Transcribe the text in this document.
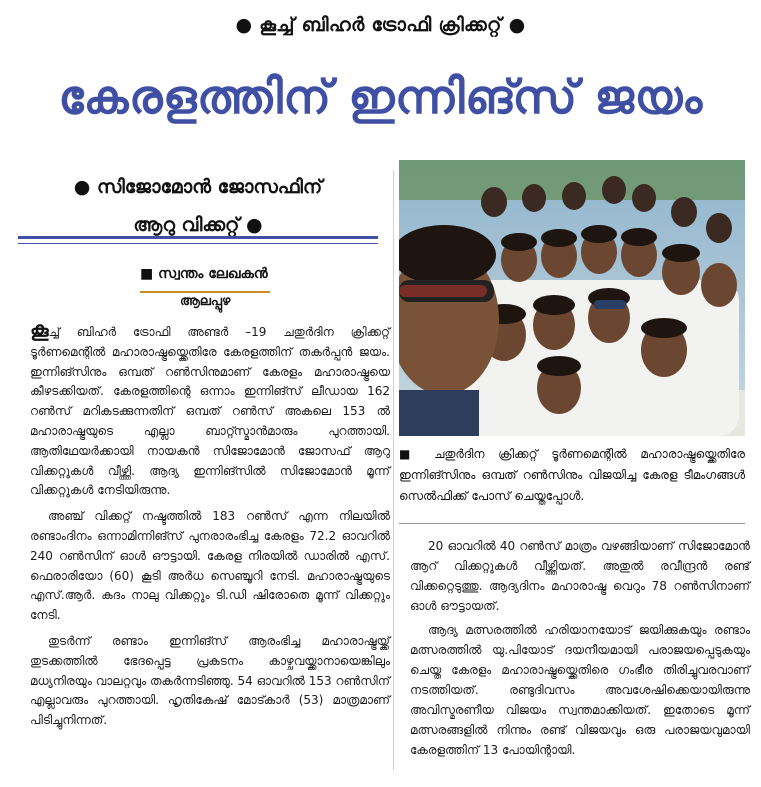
● കൂച്ച് ബിഹർ ട്രോഫി ക്രിക്കറ്റ് ●
കേരളത്തിന് ഇന്നിങ്സ് ജയം
● സിജോമോൻ ജോസഫിന്
ആറു വിക്കറ്റ് ●
■ സ്വന്തം ലേഖകൻ
ആലപ്പുഴ

കൂച്ച് ബിഹർ ട്രോഫി അണ്ടർ –19 ചതുർദിന ക്രിക്കറ്റ് ടൂർണമെന്റിൽ മഹാരാഷ്ട്രയ്ക്കെതിരേ കേരളത്തിന് തകർപ്പൻ ജയം. ഇന്നിങ്സിനും ഒമ്പത് റൺസിനുമാണ് കേരളം മഹാരാഷ്ട്രയെ കീഴടക്കിയത്. കേരളത്തിന്റെ ഒന്നാം ഇന്നിങ്സ് ലീഡായ 162 റൺസ് മറികടക്കുന്നതിന് ഒമ്പത് റൺസ് അകലെ 153 ൽ മഹാരാഷ്ട്രയുടെ എല്ലാ ബാറ്റ്സ്മാൻമാരും പുറത്തായി. ആതിഥേയർക്കായി നായകൻ സിജോമോൻ ജോസഫ് ആറു വിക്കറ്റുകൾ വീഴ്ത്തി. ആദ്യ ഇന്നിങ്സിൽ സിജോമോൻ മൂന്ന് വിക്കറ്റുകൾ നേടിയിരുന്നു.

അഞ്ച് വിക്കറ്റ് നഷ്ടത്തിൽ 183 റൺസ് എന്ന നിലയിൽ രണ്ടാംദിനം ഒന്നാമിന്നിങ്സ് പുനരാരംഭിച്ച കേരളം 72.2 ഓവറിൽ 240 റൺസിന് ഓൾ ഔട്ടായി. കേരള നിരയിൽ ഡാരിൽ എസ്. ഫെരാരിയോ (60) കൂടി അർധ സെഞ്ചൂറി നേടി. മഹാരാഷ്ട്രയുടെ എസ്.ആർ. കദം നാലു വിക്കറ്റും ടി.ഡി ഷിരോതെ മൂന്ന് വിക്കറ്റും നേടി.

തുടർന്ന് രണ്ടാം ഇന്നിങ്സ് ആരംഭിച്ച മഹാരാഷ്ട്രയ്ക്ക് തുടക്കത്തിൽ ഭേദപ്പെട്ട പ്രകടനം കാഴ്ചവയ്ക്കാനായെങ്കിലും മധ്യനിരയും വാലറ്റവും തകർന്നടിഞ്ഞു. 54 ഓവറിൽ 153 റൺസിന് എല്ലാവരും പുറത്തായി. ഹൃതികേഷ് മോട്കാർ (53) മാത്രമാണ് പിടിച്ചുനിന്നത്.

■ ചതുർദിന ക്രിക്കറ്റ് ടൂർണമെന്റിൽ മഹാരാഷ്ട്രയ്ക്കെതിരേ ഇന്നിങ്സിനും ഒമ്പത് റൺസിനും വിജയിച്ച കേരള ടീമംഗങ്ങൾ സെൽഫിക്ക് പോസ് ചെയ്തപ്പോൾ.

20 ഓവറിൽ 40 റൺസ് മാത്രം വഴങ്ങിയാണ് സിജോമോൻ ആറ് വിക്കറ്റുകൾ വീഴ്ത്തിയത്. അതുൽ രവീന്ദ്രൻ രണ്ട് വിക്കറ്റെടുത്തു. ആദ്യദിനം മഹാരാഷ്ട്ര വെറും 78 റൺസിനാണ് ഓൾ ഔട്ടായത്.

ആദ്യ മത്സരത്തിൽ ഹരിയാനയോട് ജയിക്കുകയും രണ്ടാം മത്സരത്തിൽ യു.പിയോട് ദയനീയമായി പരാജയപ്പെടുകയും ചെയ്ത കേരളം മഹാരാഷ്ട്രയ്ക്കെതിരെ ഗംഭീര തിരിച്ചുവരവാണ് നടത്തിയത്. രണ്ടുദിവസം അവശേഷിക്കെയായിരുന്നു അവിസ്മരണീയ വിജയം സ്വന്തമാക്കിയത്. ഇതോടെ മൂന്ന് മത്സരങ്ങളിൽ നിന്നും രണ്ട് വിജയവും ഒരു പരാജയവുമായി കേരളത്തിന് 13 പോയിന്റായി.
